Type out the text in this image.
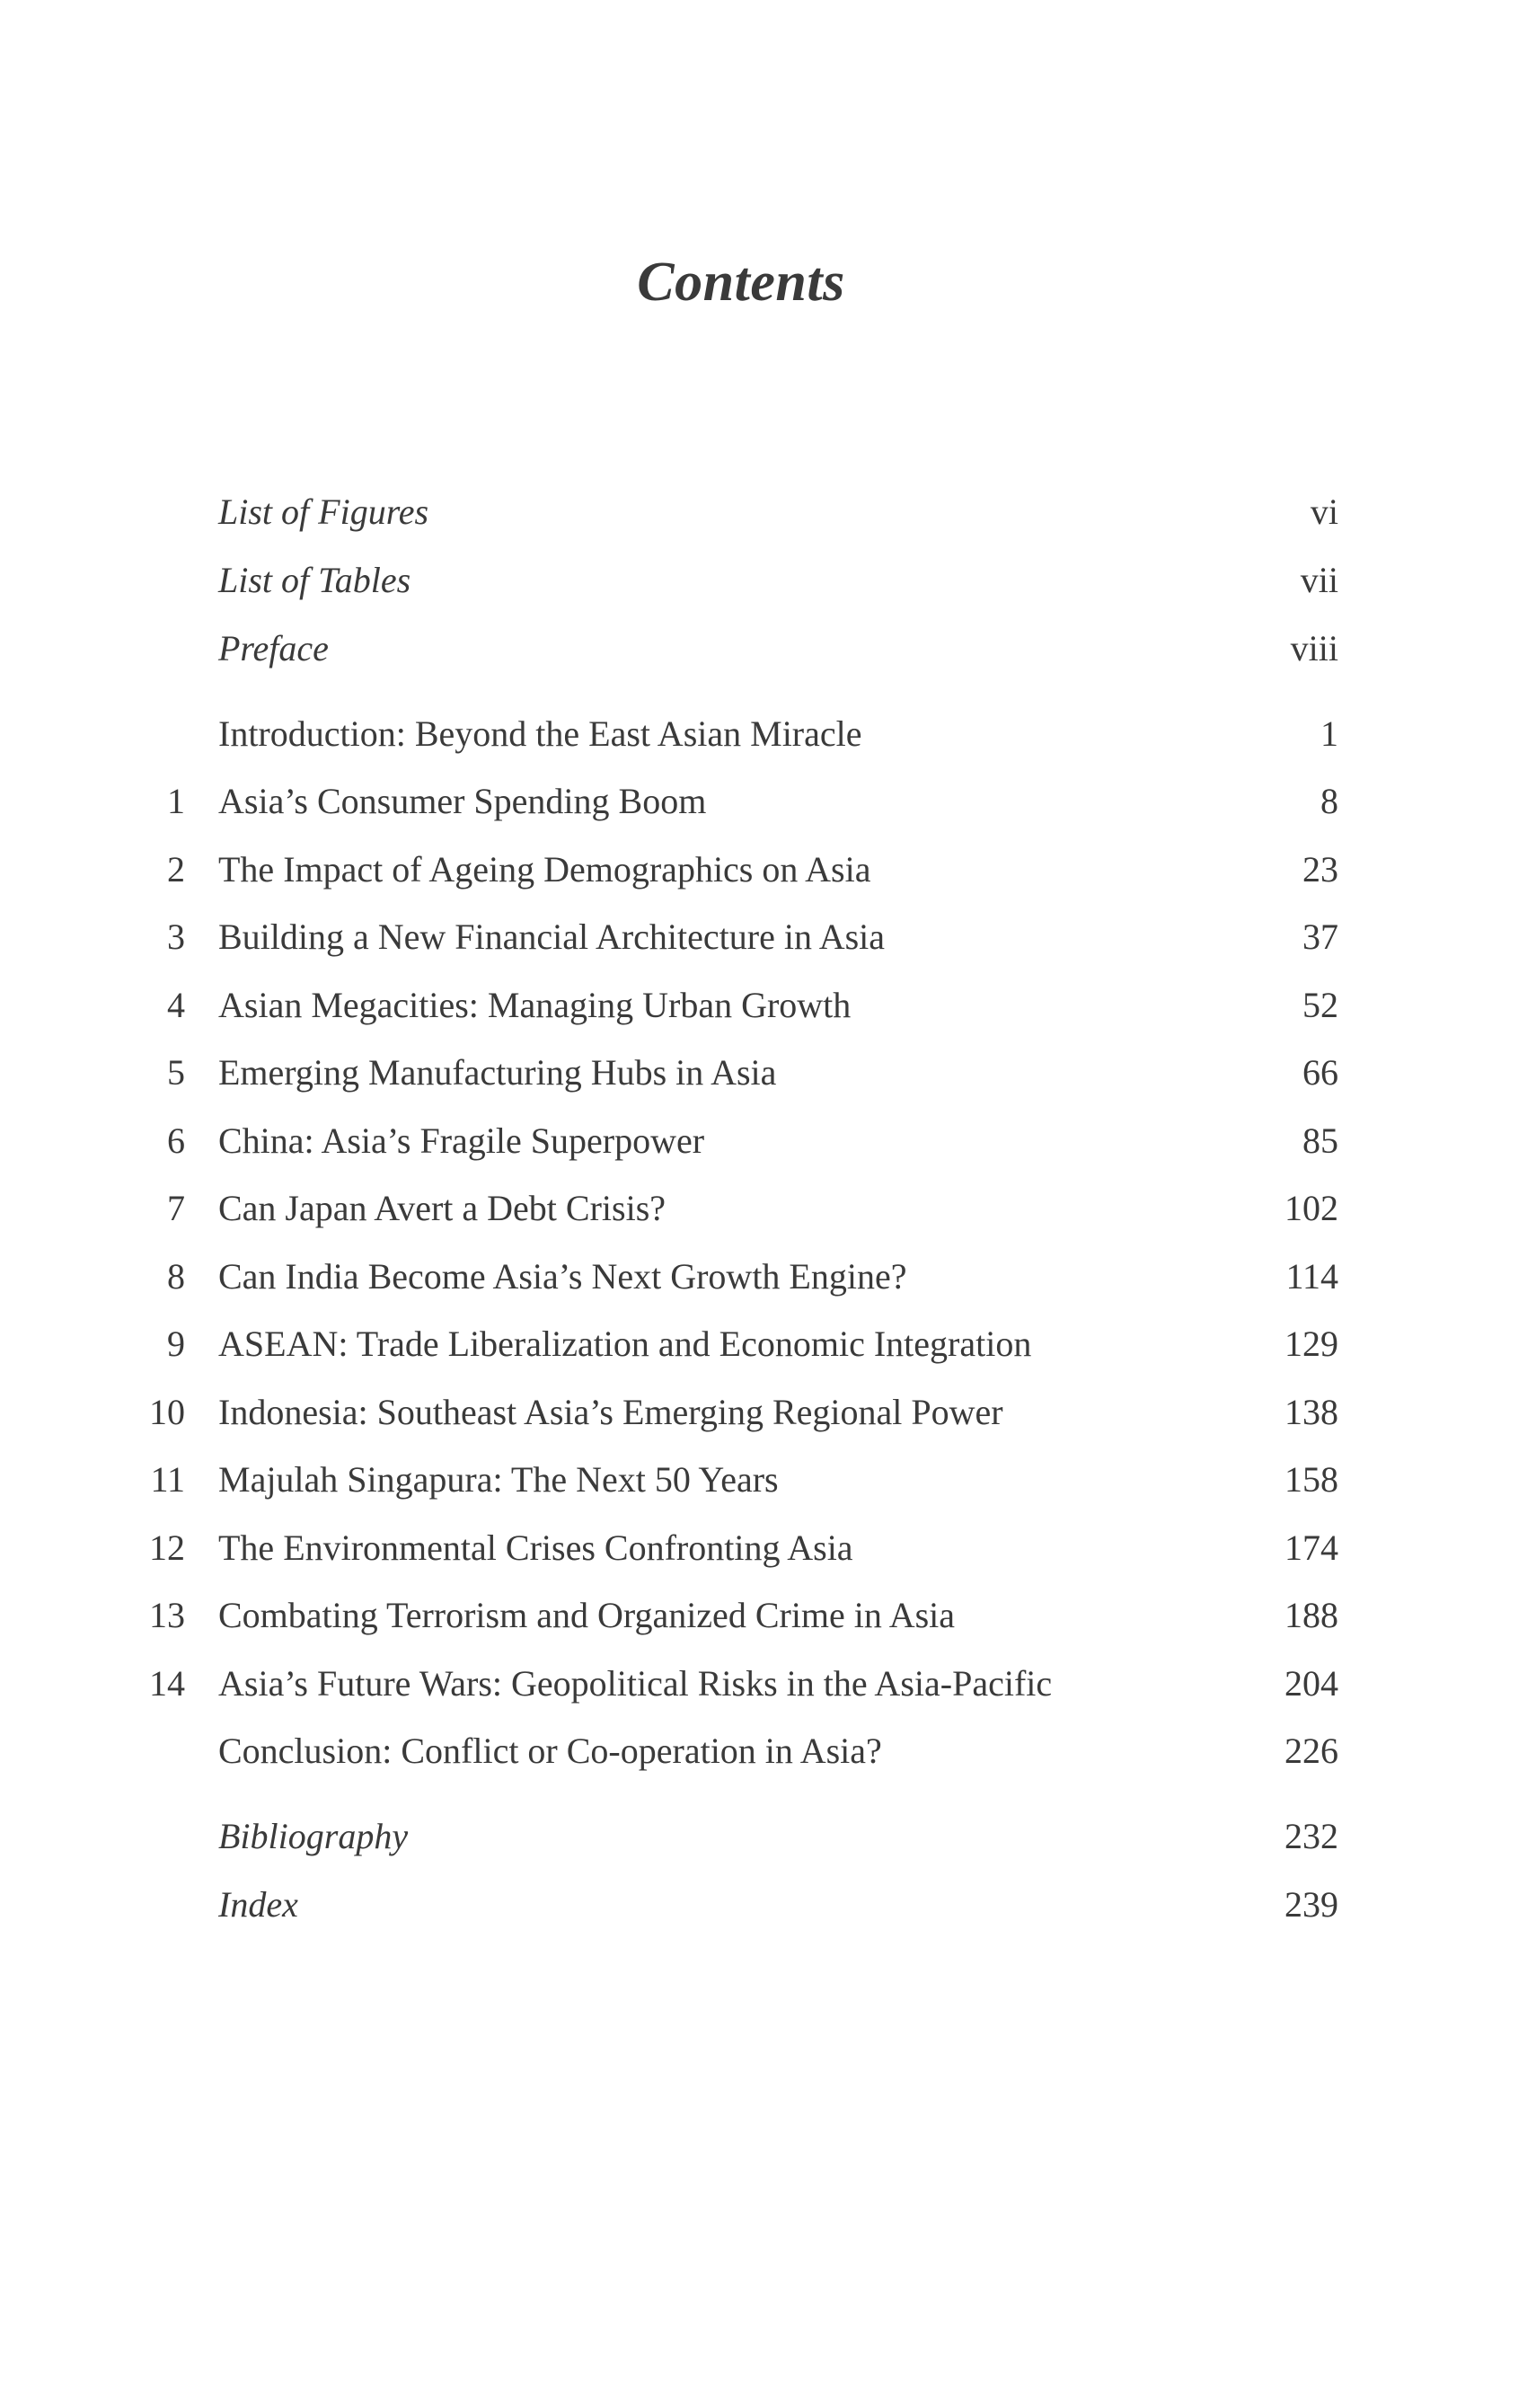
Contents
List of Figures	vi
List of Tables	vii
Preface	viii
Introduction: Beyond the East Asian Miracle	1
1 Asia’s Consumer Spending Boom	8
2 The Impact of Ageing Demographics on Asia	23
3 Building a New Financial Architecture in Asia	37
4 Asian Megacities: Managing Urban Growth	52
5 Emerging Manufacturing Hubs in Asia	66
6 China: Asia’s Fragile Superpower	85
7 Can Japan Avert a Debt Crisis?	102
8 Can India Become Asia’s Next Growth Engine?	114
9 ASEAN: Trade Liberalization and Economic Integration	129
10 Indonesia: Southeast Asia’s Emerging Regional Power	138
11 Majulah Singapura: The Next 50 Years	158
12 The Environmental Crises Confronting Asia	174
13 Combating Terrorism and Organized Crime in Asia	188
14 Asia’s Future Wars: Geopolitical Risks in the Asia-Pacific	204
Conclusion: Conflict or Co-operation in Asia?	226
Bibliography	232
Index	239
